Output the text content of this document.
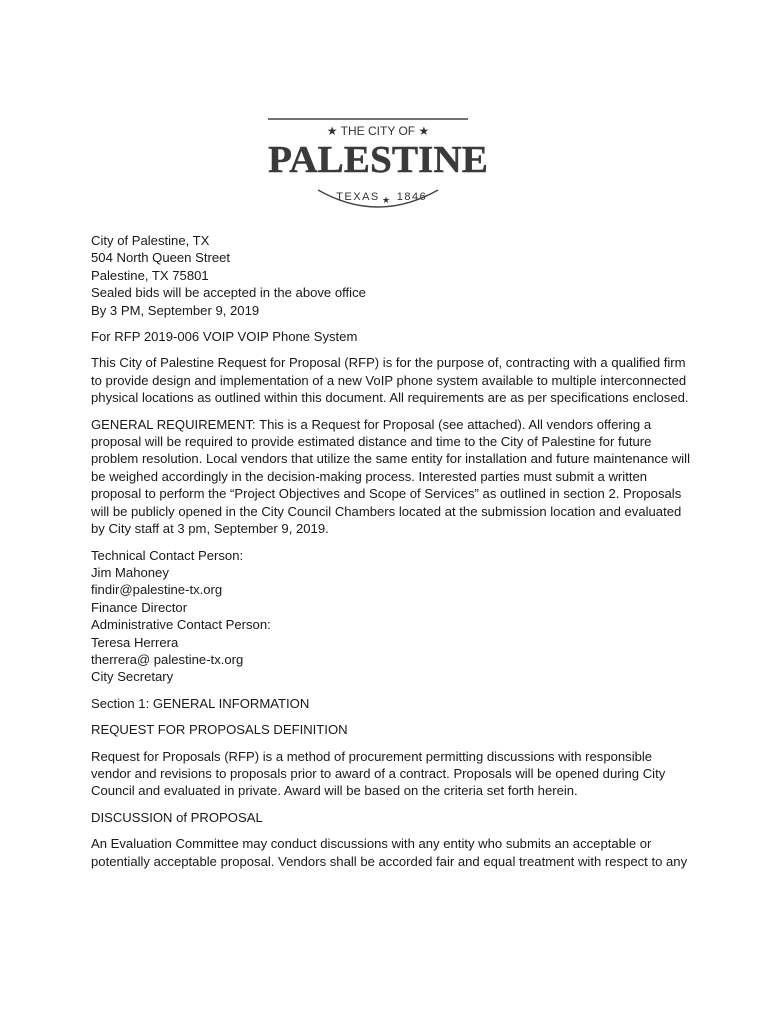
★ THE CITY OF ★
PALESTINE
TEXAS ★ 1846

City of Palestine, TX
504 North Queen Street
Palestine, TX 75801
Sealed bids will be accepted in the above office
By 3 PM, September 9, 2019

For RFP 2019-006 VOIP VOIP Phone System

This City of Palestine Request for Proposal (RFP) is for the purpose of, contracting with a qualified firm to provide design and implementation of a new VoIP phone system available to multiple interconnected physical locations as outlined within this document. All requirements are as per specifications enclosed.

GENERAL REQUIREMENT: This is a Request for Proposal (see attached). All vendors offering a proposal will be required to provide estimated distance and time to the City of Palestine for future problem resolution. Local vendors that utilize the same entity for installation and future maintenance will be weighed accordingly in the decision-making process. Interested parties must submit a written proposal to perform the “Project Objectives and Scope of Services” as outlined in section 2. Proposals will be publicly opened in the City Council Chambers located at the submission location and evaluated by City staff at 3 pm, September 9, 2019.

Technical Contact Person:
Jim Mahoney
findir@palestine-tx.org
Finance Director
Administrative Contact Person:
Teresa Herrera
therrera@ palestine-tx.org
City Secretary

Section 1: GENERAL INFORMATION

REQUEST FOR PROPOSALS DEFINITION

Request for Proposals (RFP) is a method of procurement permitting discussions with responsible vendor and revisions to proposals prior to award of a contract. Proposals will be opened during City Council and evaluated in private. Award will be based on the criteria set forth herein.

DISCUSSION of PROPOSAL

An Evaluation Committee may conduct discussions with any entity who submits an acceptable or potentially acceptable proposal. Vendors shall be accorded fair and equal treatment with respect to any
